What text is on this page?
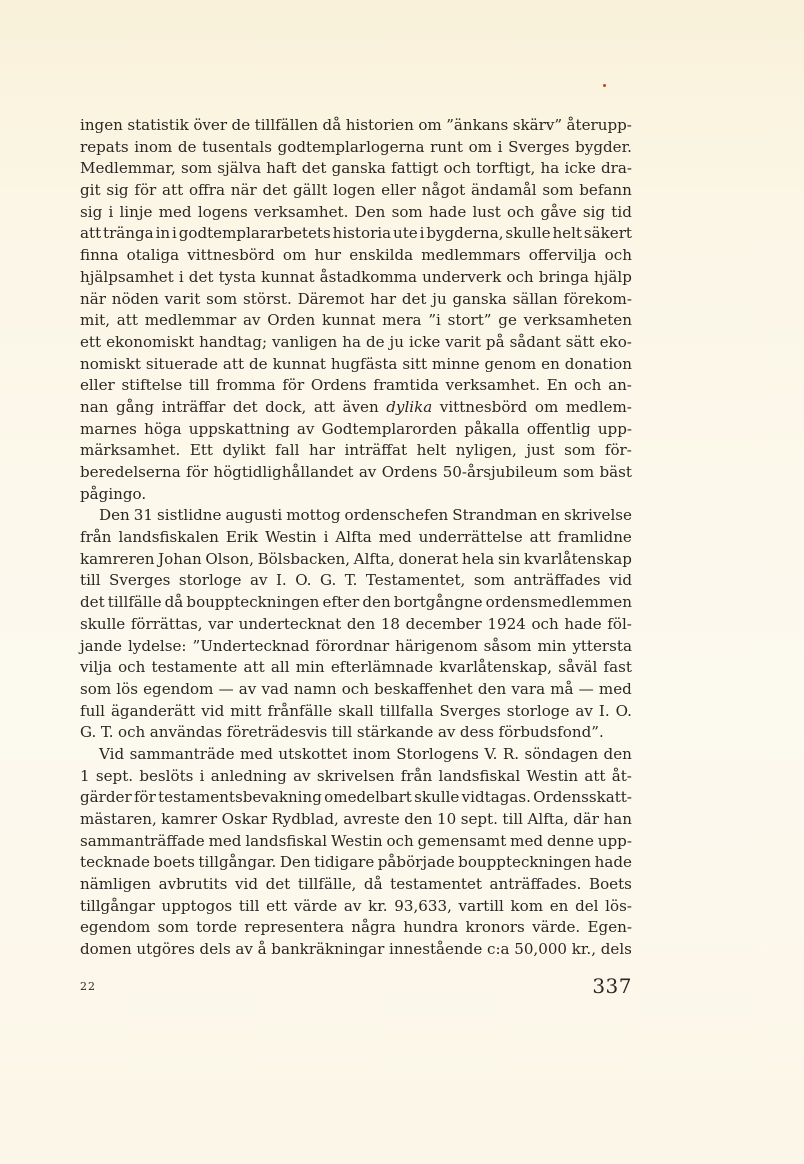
ingen statistik över de tillfällen då historien om ”änkans skärv” återupp-
repats inom de tusentals godtemplarlogerna runt om i Sverges bygder.
Medlemmar, som själva haft det ganska fattigt och torftigt, ha icke dra-
git sig för att offra när det gällt logen eller något ändamål som befann
sig i linje med logens verksamhet. Den som hade lust och gåve sig tid
att tränga in i godtemplararbetets historia ute i bygderna, skulle helt säkert
finna otaliga vittnesbörd om hur enskilda medlemmars offervilja och
hjälpsamhet i det tysta kunnat åstadkomma underverk och bringa hjälp
när nöden varit som störst. Däremot har det ju ganska sällan förekom-
mit, att medlemmar av Orden kunnat mera ”i stort” ge verksamheten
ett ekonomiskt handtag; vanligen ha de ju icke varit på sådant sätt eko-
nomiskt situerade att de kunnat hugfästa sitt minne genom en donation
eller stiftelse till fromma för Ordens framtida verksamhet. En och an-
nan gång inträffar det dock, att även dylika vittnesbörd om medlem-
marnes höga uppskattning av Godtemplarorden påkalla offentlig upp-
märksamhet. Ett dylikt fall har inträffat helt nyligen, just som för-
beredelserna för högtidlighållandet av Ordens 50-årsjubileum som bäst
pågingo.
Den 31 sistlidne augusti mottog ordenschefen Strandman en skrivelse
från landsfiskalen Erik Westin i Alfta med underrättelse att framlidne
kamreren Johan Olson, Bölsbacken, Alfta, donerat hela sin kvarlåtenskap
till Sverges storloge av I. O. G. T. Testamentet, som anträffades vid
det tillfälle då bouppteckningen efter den bortgångne ordensmedlemmen
skulle förrättas, var undertecknat den 18 december 1924 och hade föl-
jande lydelse: ”Undertecknad förordnar härigenom såsom min yttersta
vilja och testamente att all min efterlämnade kvarlåtenskap, såväl fast
som lös egendom — av vad namn och beskaffenhet den vara må — med
full äganderätt vid mitt frånfälle skall tillfalla Sverges storloge av I. O.
G. T. och användas företrädesvis till stärkande av dess förbudsfond”.
Vid sammanträde med utskottet inom Storlogens V. R. söndagen den
1 sept. beslöts i anledning av skrivelsen från landsfiskal Westin att åt-
gärder för testamentsbevakning omedelbart skulle vidtagas. Ordensskatt-
mästaren, kamrer Oskar Rydblad, avreste den 10 sept. till Alfta, där han
sammanträffade med landsfiskal Westin och gemensamt med denne upp-
tecknade boets tillgångar. Den tidigare påbörjade bouppteckningen hade
nämligen avbrutits vid det tillfälle, då testamentet anträffades. Boets
tillgångar upptogos till ett värde av kr. 93,633, vartill kom en del lös-
egendom som torde representera några hundra kronors värde. Egen-
domen utgöres dels av å bankräkningar innestående c:a 50,000 kr., dels
22	337
